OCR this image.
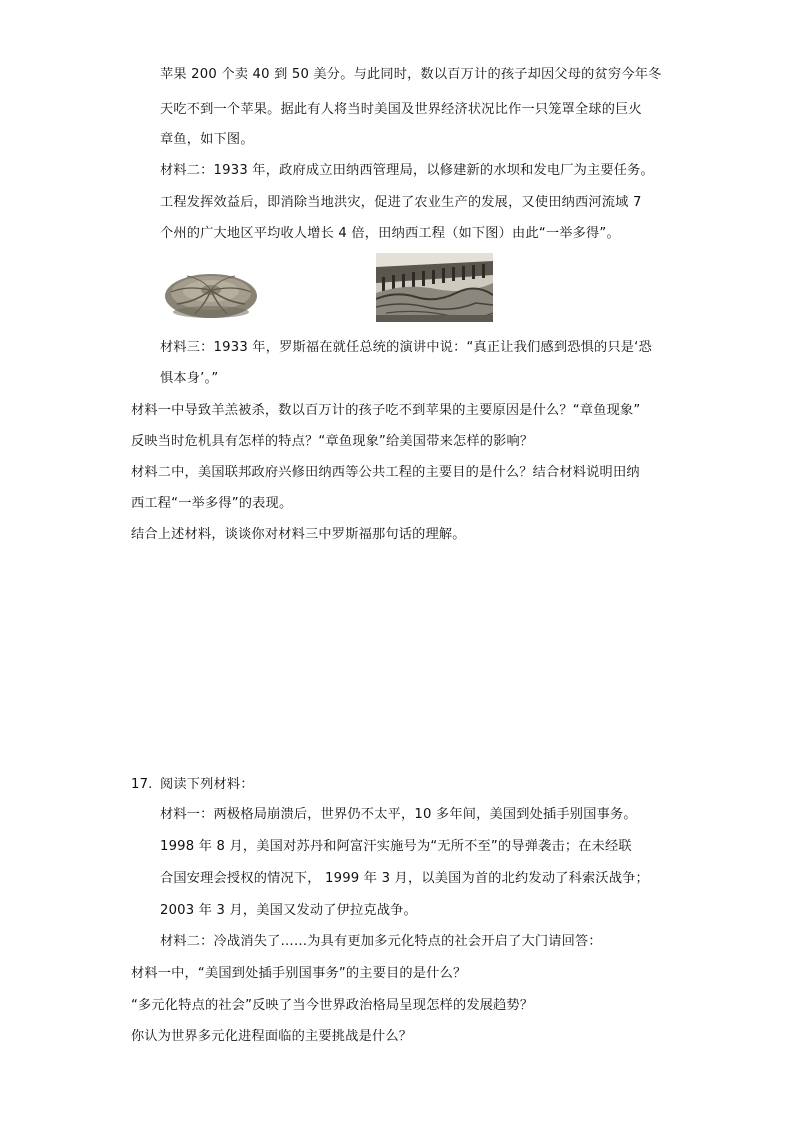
苹果 200 个卖 40 到 50 美分。与此同时，数以百万计的孩子却因父母的贫穷今年冬
天吃不到一个苹果。据此有人将当时美国及世界经济状况比作一只笼罩全球的巨火
章鱼，如下图。
材料二：1933 年，政府成立田纳西管理局，以修建新的水坝和发电厂为主要任务。
工程发挥效益后，即消除当地洪灾，促进了农业生产的发展，又使田纳西河流域 7
个州的广大地区平均收人增长 4 倍，田纳西工程（如下图）由此“一举多得”。
材料三：1933 年，罗斯福在就任总统的演讲中说：“真正让我们感到恐惧的只是‘恐
惧本身’。”
材料一中导致羊羔被杀，数以百万计的孩子吃不到苹果的主要原因是什么？“章鱼现象”
反映当时危机具有怎样的特点？“章鱼现象”给美国带来怎样的影响？
材料二中，美国联邦政府兴修田纳西等公共工程的主要目的是什么？结合材料说明田纳
西工程“一举多得”的表现。
结合上述材料，谈谈你对材料三中罗斯福那句话的理解。
17. 阅读下列材料：
材料一：两极格局崩溃后，世界仍不太平，10 多年间，美国到处插手别国事务。
1998 年 8 月，美国对苏丹和阿富汗实施号为“无所不至”的导弹袭击；在未经联
合国安理会授权的情况下， 1999 年 3 月，以美国为首的北约发动了科索沃战争；
2003 年 3 月，美国又发动了伊拉克战争。
材料二：冷战消失了……为具有更加多元化特点的社会开启了大门请回答：
材料一中，“美国到处插手别国事务”的主要目的是什么？
“多元化特点的社会”反映了当今世界政治格局呈现怎样的发展趋势？
你认为世界多元化进程面临的主要挑战是什么？
